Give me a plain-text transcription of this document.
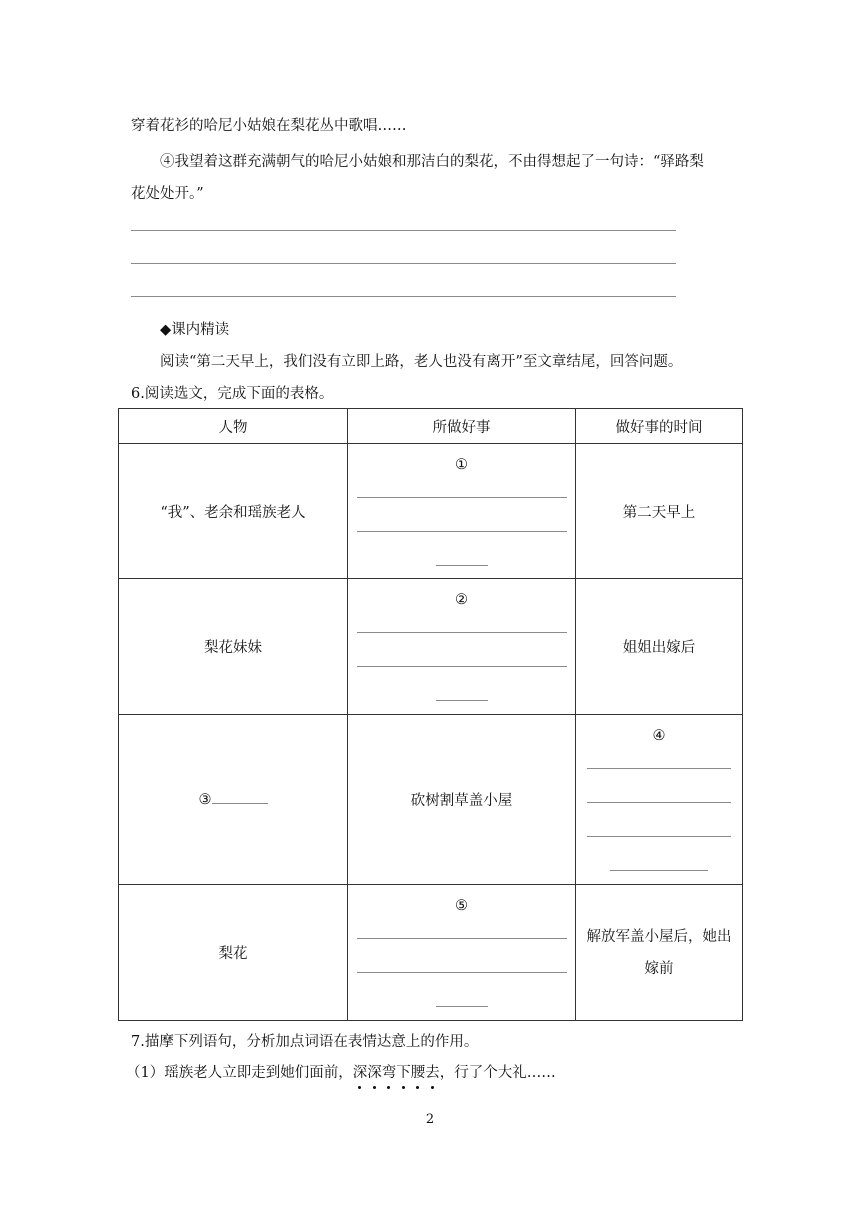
穿着花衫的哈尼小姑娘在梨花丛中歌唱……
④我望着这群充满朝气的哈尼小姑娘和那洁白的梨花，不由得想起了一句诗：“驿路梨
花处处开。”
◆课内精读
阅读“第二天早上，我们没有立即上路，老人也没有离开”至文章结尾，回答问题。
6.阅读选文，完成下面的表格。
人物	所做好事	做好事的时间
“我”、老余和瑶族老人	①	第二天早上
梨花妹妹	②	姐姐出嫁后
③	砍树割草盖小屋	④

梨花	⑤	解放军盖小屋后，她出
嫁前
7.描摩下列语句，分析加点词语在表情达意上的作用。
（1）瑶族老人立即走到她们面前，深深弯下腰去，行了个大礼……
2
